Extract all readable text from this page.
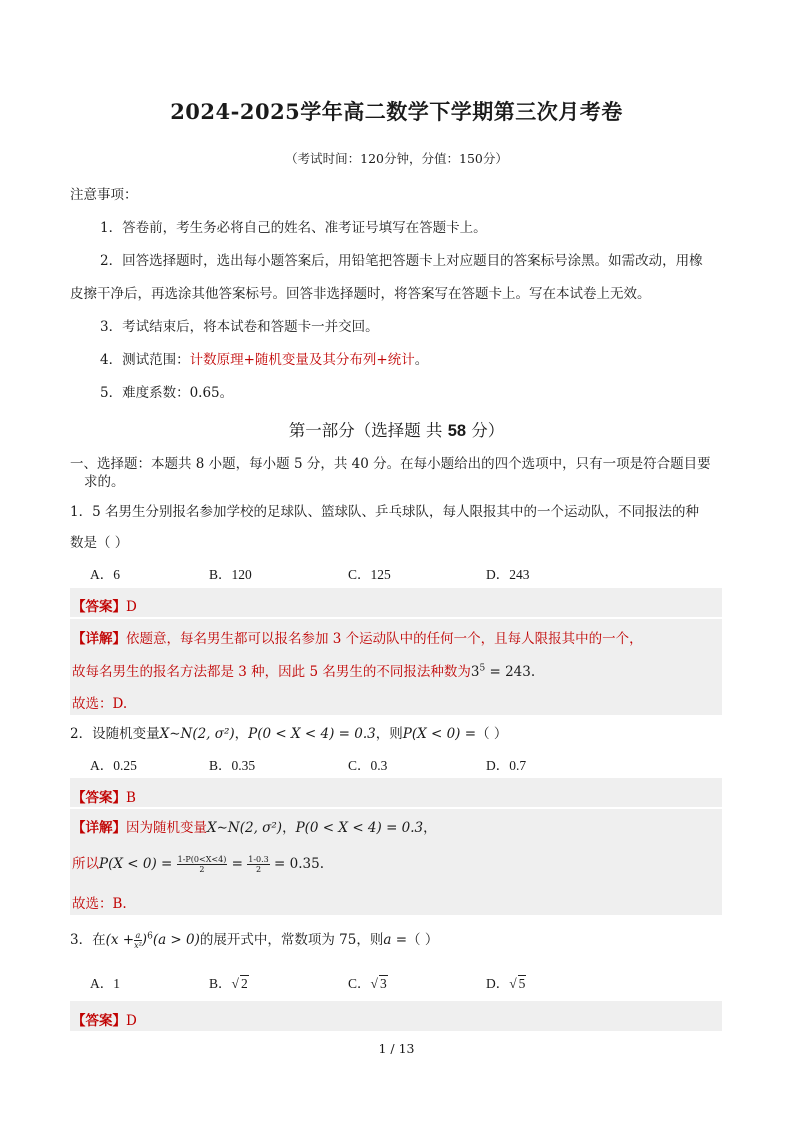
2024-2025学年高二数学下学期第三次月考卷
（考试时间：120分钟，分值：150分）
注意事项：
1．答卷前，考生务必将自己的姓名、准考证号填写在答题卡上。
2．回答选择题时，选出每小题答案后，用铅笔把答题卡上对应题目的答案标号涂黑。如需改动，用橡
皮擦干净后，再选涂其他答案标号。回答非选择题时，将答案写在答题卡上。写在本试卷上无效。
3．考试结束后，将本试卷和答题卡一并交回。
4．测试范围：计数原理+随机变量及其分布列+统计。
5．难度系数：0.65。
第一部分（选择题 共 58 分）
一、选择题：本题共 8 小题，每小题 5 分，共 40 分。在每小题给出的四个选项中，只有一项是符合题目要
求的。
1．5 名男生分别报名参加学校的足球队、篮球队、乒乓球队，每人限报其中的一个运动队，不同报法的种
数是（ ）
A．6	B．120	C．125	D．243
【答案】D
【详解】依题意，每名男生都可以报名参加 3 个运动队中的任何一个，且每人限报其中的一个，
故每名男生的报名方法都是 3 种，因此 5 名男生的不同报法种数为$3^5 = 243$.
故选：D.
2．设随机变量X∼N(2, σ²)，P(0 < X < 4) = 0.3，则P(X < 0) =（ ）
A．0.25	B．0.35	C．0.3	D．0.7
【答案】B
【详解】因为随机变量X∼N(2, σ²)，P(0 < X < 4) = 0.3，
所以$P(X < 0) = \frac{1-P(0<X<4)}{2} = \frac{1-0.3}{2} = 0.35$.
故选：B.
3．在$(x + \frac{a}{\text{x²}} )^6(a > 0)$的展开式中，常数项为 75，则a =（ ）
A．1	B．√ 2	C．√ 3	D．√ 5
【答案】D
1 / 13
